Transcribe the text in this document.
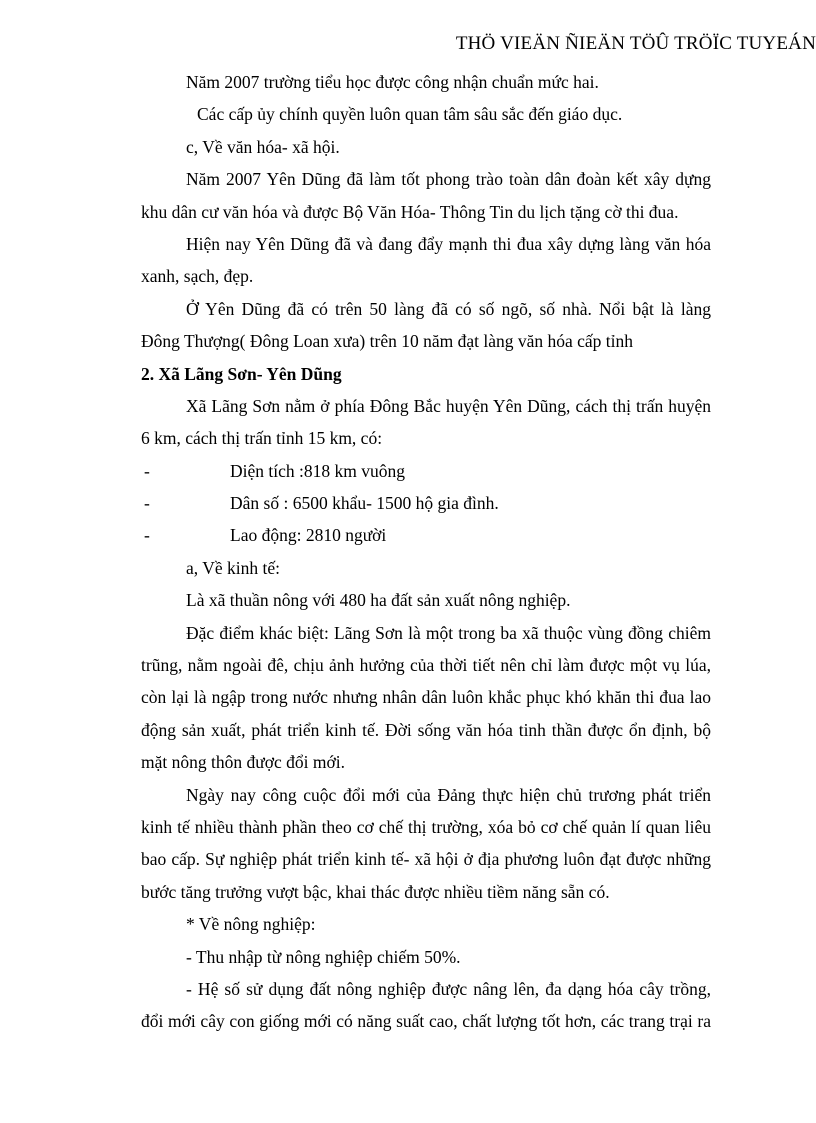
THÖ VIEÄN ÑIEÄN TÖÛ TRÖÏC TUYEÁN
Năm 2007 trường tiểu học được công nhận chuẩn mức hai.
Các cấp ủy chính quyền luôn quan tâm sâu sắc đến giáo dục.
c, Về văn hóa- xã hội.
Năm 2007 Yên Dũng đã làm tốt phong trào toàn dân đoàn kết xây dựng
khu dân cư văn hóa và được Bộ Văn Hóa- Thông Tin du lịch tặng cờ thi đua.
Hiện nay Yên Dũng đã và đang đẩy mạnh thi đua xây dựng làng văn hóa
xanh, sạch, đẹp.
Ở Yên Dũng đã có trên 50 làng đã có số ngõ, số nhà. Nổi bật là làng
Đông Thượng( Đông Loan xưa) trên 10 năm đạt làng văn hóa cấp tỉnh
2. Xã Lãng Sơn- Yên Dũng
Xã Lãng Sơn nằm ở phía Đông Bắc huyện Yên Dũng, cách thị trấn huyện
6 km, cách thị trấn tỉnh 15 km, có:
-	Diện tích :818 km vuông
-	Dân số : 6500 khẩu- 1500 hộ gia đình.
-	Lao động: 2810 người
a, Về kinh tế:
Là xã thuần nông với 480 ha đất sản xuất nông nghiệp.
Đặc điểm khác biệt: Lãng Sơn là một trong ba xã thuộc vùng đồng chiêm
trũng, nằm ngoài đê, chịu ảnh hưởng của thời tiết nên chỉ làm được một vụ lúa,
còn lại là ngập trong nước nhưng nhân dân luôn khắc phục khó khăn thi đua lao
động sản xuất, phát triển kinh tế. Đời sống văn hóa tinh thần được ổn định, bộ
mặt nông thôn được đổi mới.
Ngày nay công cuộc đổi mới của Đảng thực hiện chủ trương phát triển
kinh tế nhiều thành phần theo cơ chế thị trường, xóa bỏ cơ chế quản lí quan liêu
bao cấp. Sự nghiệp phát triển kinh tế- xã hội ở địa phương luôn đạt được những
bước tăng trưởng vượt bậc, khai thác được nhiều tiềm năng sẵn có.
* Về nông nghiệp:
- Thu nhập từ nông nghiệp chiếm 50%.
- Hệ số sử dụng đất nông nghiệp được nâng lên, đa dạng hóa cây trồng,
đổi mới cây con giống mới có năng suất cao, chất lượng tốt hơn, các trang trại ra
